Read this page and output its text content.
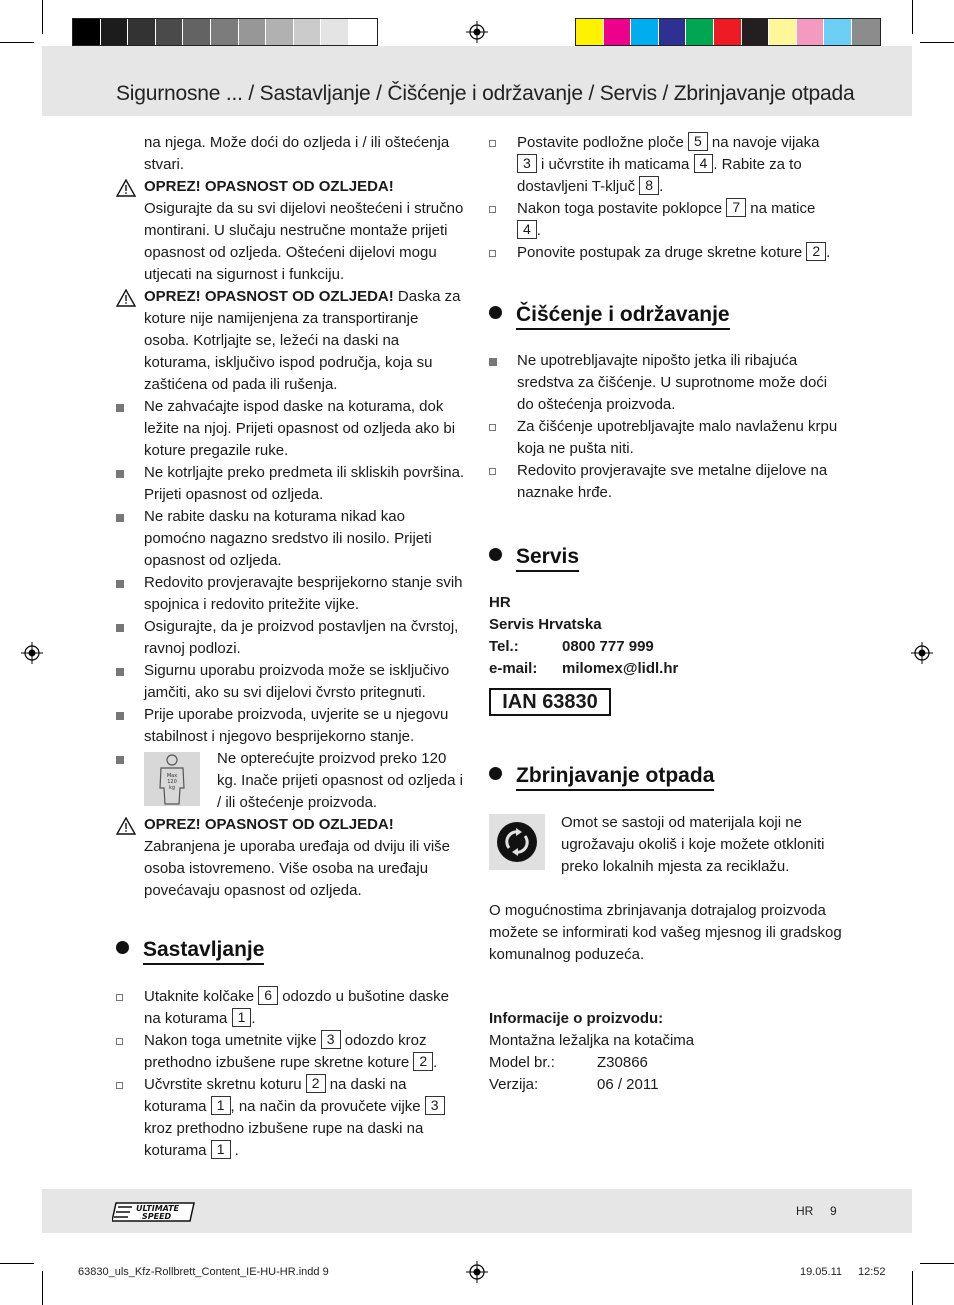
Sigurnosne ... / Sastavljanje / Čišćenje i održavanje / Servis / Zbrinjavanje otpada

na njega. Može doći do ozljeda i / ili oštećenja stvari.

OPREZ! OPASNOST OD OZLJEDA! Osigurajte da su svi dijelovi neoštećeni i stručno montirani. U slučaju nestručne montaže prijeti opasnost od ozljeda. Oštećeni dijelovi mogu utjecati na sigurnost i funkciju.
OPREZ! OPASNOST OD OZLJEDA! Daska za koture nije namijenjena za transportiranje osoba. Kotrljajte se, ležeći na daski na koturama, isključivo ispod područja, koja su zaštićena od pada ili rušenja.
Ne zahvaćajte ispod daske na koturama, dok ležite na njoj. Prijeti opasnost od ozljeda ako bi koture pregazile ruke.
Ne kotrljajte preko predmeta ili skliskih površina. Prijeti opasnost od ozljeda.
Ne rabite dasku na koturama nikad kao pomoćno nagazno sredstvo ili nosilo. Prijeti opasnost od ozljeda.
Redovito provjeravajte besprijekorno stanje svih spojnica i redovito pritežite vijke.
Osigurajte, da je proizvod postavljen na čvrstoj, ravnoj podlozi.
Sigurnu uporabu proizvoda može se isključivo jamčiti, ako su svi dijelovi čvrsto pritegnuti.
Prije uporabe proizvoda, uvjerite se u njegovu stabilnost i njegovo besprijekorno stanje.
Max
120
kg
Ne opterećujte proizvod preko 120 kg. Inače prijeti opasnost od ozljeda i / ili oštećenje proizvoda.
OPREZ! OPASNOST OD OZLJEDA! Zabranjena je uporaba uređaja od dviju ili više osoba istovremeno. Više osoba na uređaju povećavaju opasnost od ozljeda.
Sastavljanje
Utaknite kolčake 6 odozdo u bušotine daske na koturama 1 .
Nakon toga umetnite vijke 3 odozdo kroz prethodno izbušene rupe skretne koture 2 .
Učvrstite skretnu koturu 2 na daski na koturama 1 , na način da provučete vijke 3 kroz prethodno izbušene rupe na daski na koturama 1 .
Postavite podložne ploče 5 na navoje vijaka 3 i učvrstite ih maticama 4 . Rabite za to dostavljeni T-ključ 8 .
Nakon toga postavite poklopce 7 na matice 4 .
Ponovite postupak za druge skretne koture 2 .
Čišćenje i održavanje
Ne upotrebljavajte nipošto jetka ili ribajuća sredstva za čišćenje. U suprotnome može doći do oštećenja proizvoda.
Za čišćenje upotrebljavajte malo navlaženu krpu koja ne pušta niti.
Redovito provjeravajte sve metalne dijelove na naznake hrđe.
Servis
HR
Servis Hrvatska
Tel.:	0800 777 999
e-mail: milomex@lidl.hr
IAN 63830
Zbrinjavanje otpada
Omot se sastoji od materijala koji ne ugrožavaju okoliš i koje možete otkloniti preko lokalnih mjesta za reciklažu.
O mogućnostima zbrinjavanja dotrajalog proizvoda možete se informirati kod vašeg mjesnog ili gradskog komunalnog poduzeća.
Informacije o proizvodu:
Montažna ležaljka na kotačima
Model br.:	Z30866
Verzija:	06 / 2011
ULTIMATE
SPEED	HR 9
63830_uls_Kfz-Rollbrett_Content_IE-HU-HR.indd 9	19.05.11 12:52
